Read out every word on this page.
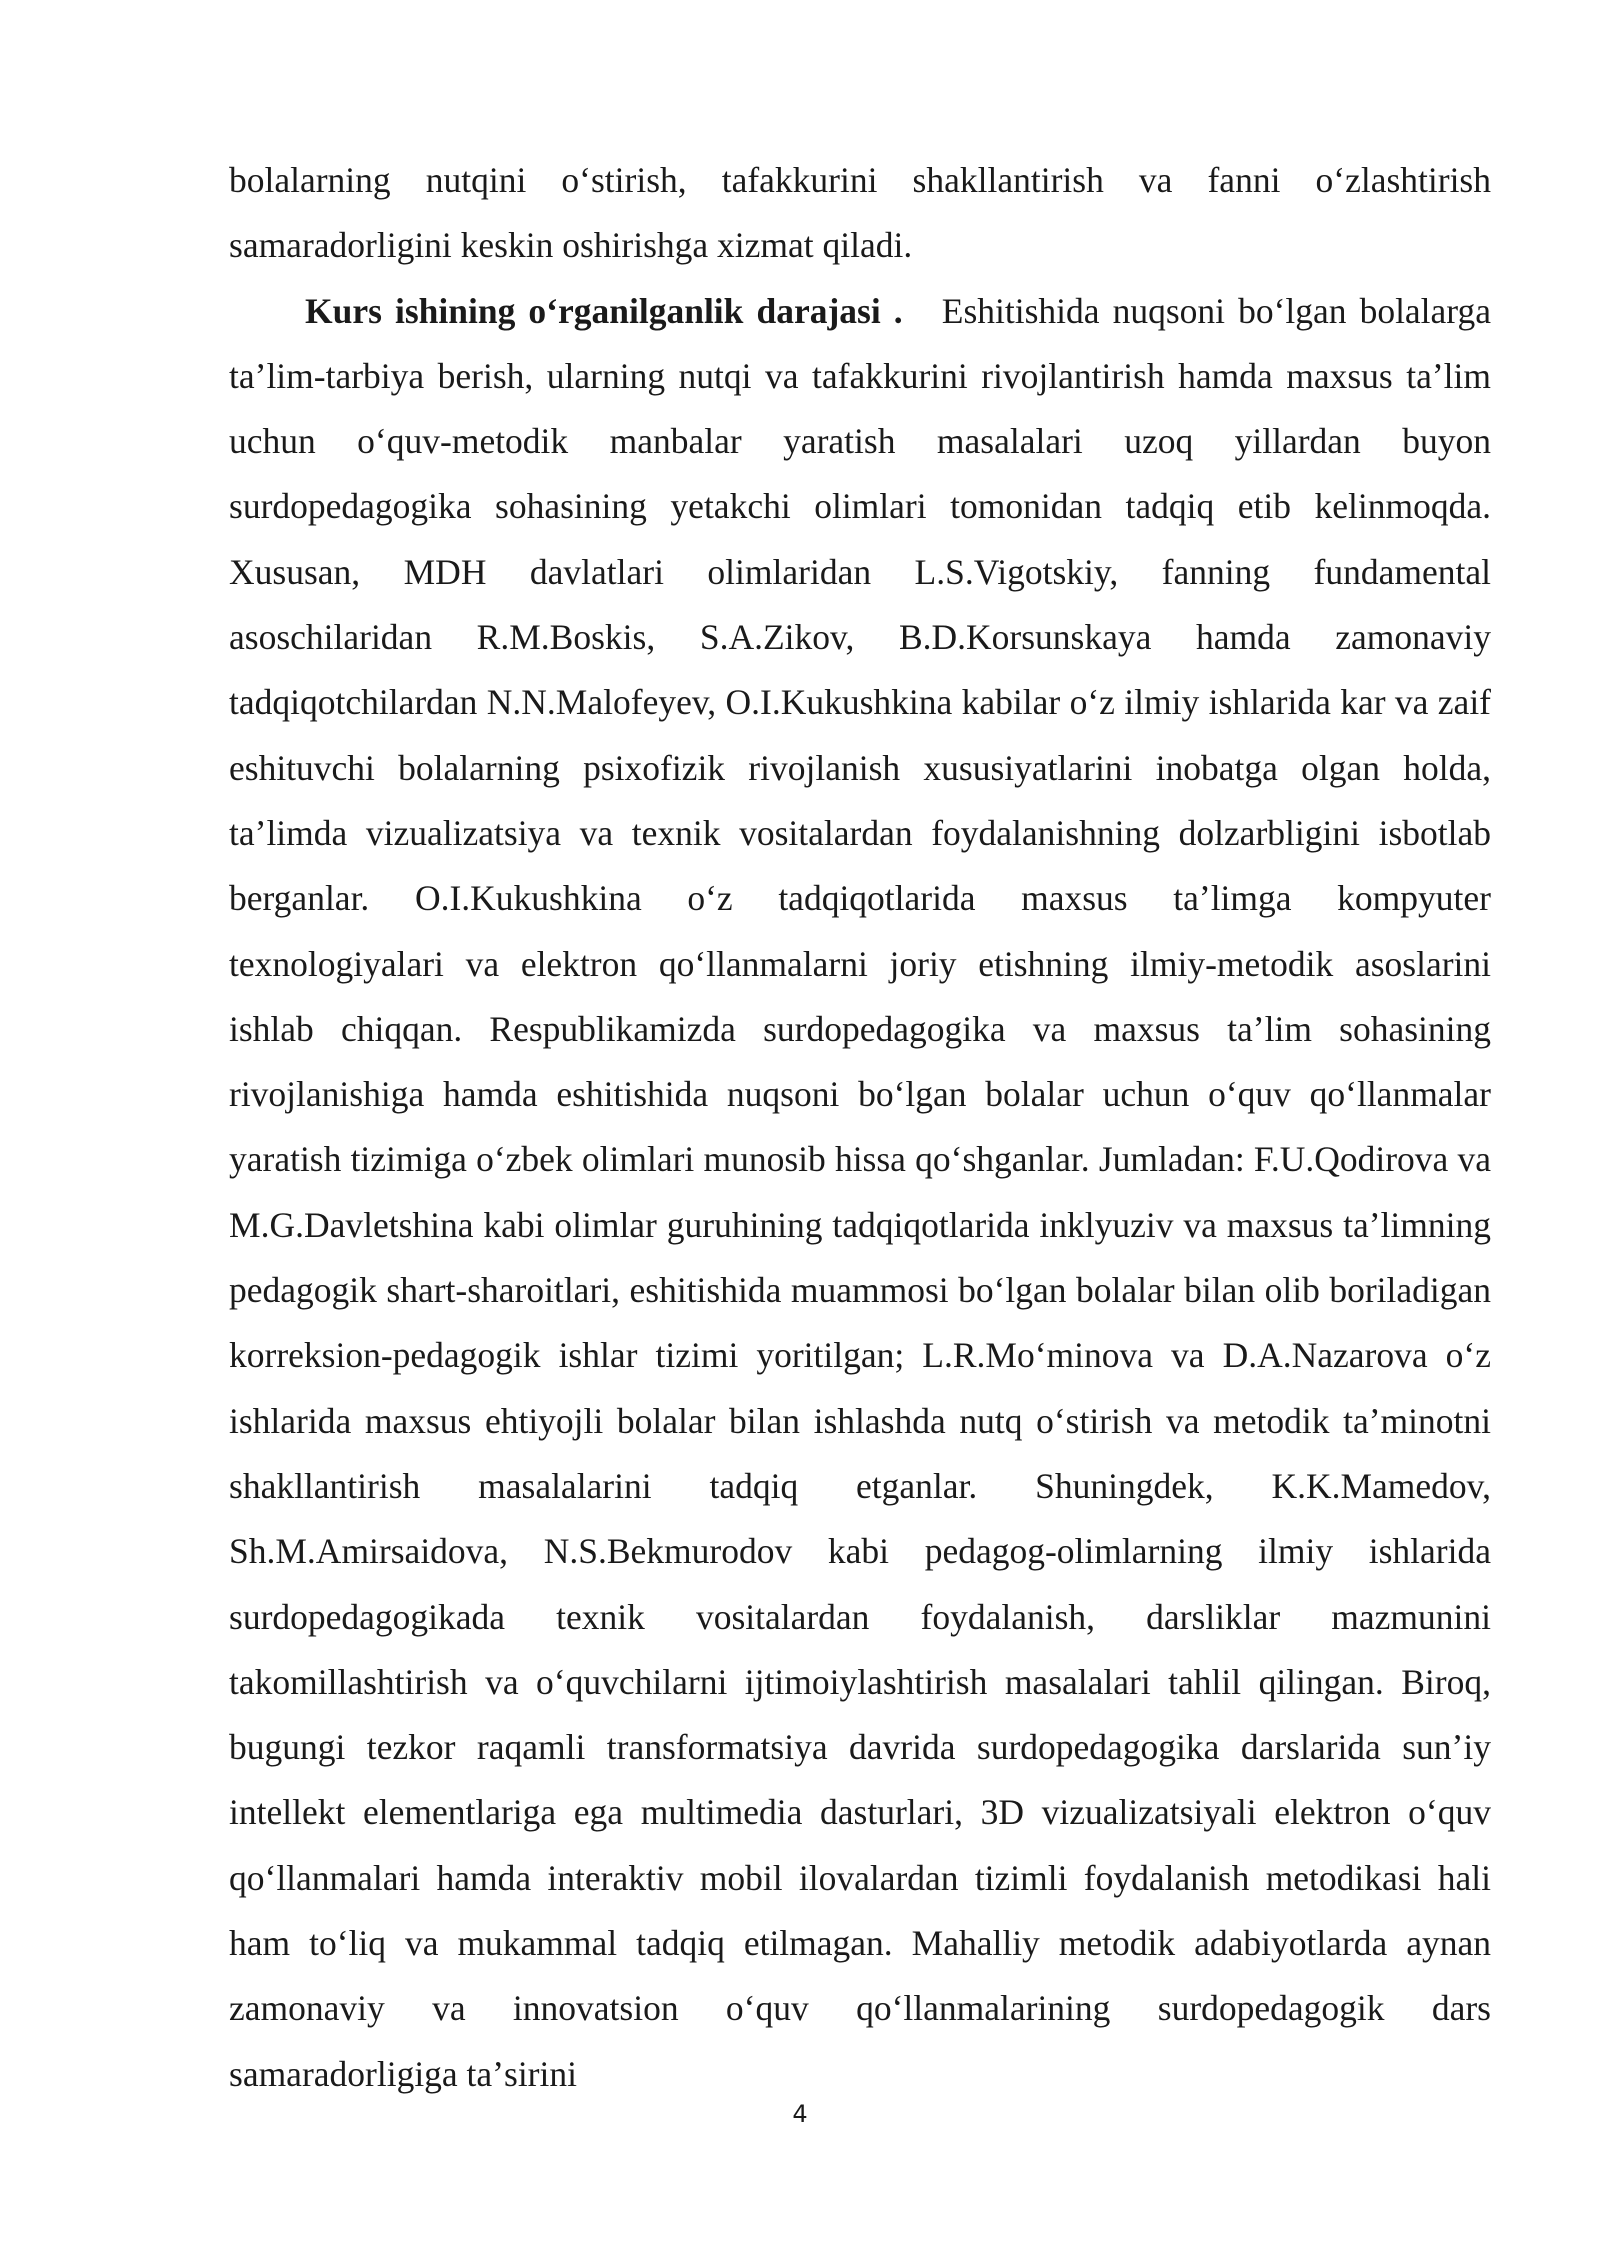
bolalarning nutqini oʻstirish, tafakkurini shakllantirish va fanni oʻzlashtirish samaradorligini keskin oshirishga xizmat qiladi.

Kurs ishining oʻrganilganlik darajasi . Eshitishida nuqsoni boʻlgan bolalarga taʼlim-tarbiya berish, ularning nutqi va tafakkurini rivojlantirish hamda maxsus taʼlim uchun oʻquv-metodik manbalar yaratish masalalari uzoq yillardan buyon surdopedagogika sohasining yetakchi olimlari tomonidan tadqiq etib kelinmoqda. Xususan, MDH davlatlari olimlaridan L.S.Vigotskiy, fanning fundamental asoschilaridan R.M.Boskis, S.A.Zikov, B.D.Korsunskaya hamda zamonaviy tadqiqotchilardan N.N.Malofeyev, O.I.Kukushkina kabilar oʻz ilmiy ishlarida kar va zaif eshituvchi bolalarning psixofizik rivojlanish xususiyatlarini inobatga olgan holda, taʼlimda vizualizatsiya va texnik vositalardan foydalanishning dolzarbligini isbotlab berganlar. O.I.Kukushkina oʻz tadqiqotlarida maxsus taʼlimga kompyuter texnologiyalari va elektron qoʻllanmalarni joriy etishning ilmiy-metodik asoslarini ishlab chiqqan. Respublikamizda surdopedagogika va maxsus taʼlim sohasining rivojlanishiga hamda eshitishida nuqsoni boʻlgan bolalar uchun oʻquv qoʻllanmalar yaratish tizimiga oʻzbek olimlari munosib hissa qoʻshganlar. Jumladan: F.U.Qodirova va M.G.Davletshina kabi olimlar guruhining tadqiqotlarida inklyuziv va maxsus taʼlimning pedagogik shart-sharoitlari, eshitishida muammosi boʻlgan bolalar bilan olib boriladigan korreksion-pedagogik ishlar tizimi yoritilgan; L.R.Moʻminova va D.A.Nazarova oʻz ishlarida maxsus ehtiyojli bolalar bilan ishlashda nutq oʻstirish va metodik taʼminotni shakllantirish masalalarini tadqiq etganlar. Shuningdek, K.K.Mamedov, Sh.M.Amirsaidova, N.S.Bekmurodov kabi pedagog-olimlarning ilmiy ishlarida surdopedagogikada texnik vositalardan foydalanish, darsliklar mazmunini takomillashtirish va oʻquvchilarni ijtimoiylashtirish masalalari tahlil qilingan. Biroq, bugungi tezkor raqamli transformatsiya davrida surdopedagogika darslarida sunʼiy intellekt elementlariga ega multimedia dasturlari, 3D vizualizatsiyali elektron oʻquv qoʻllanmalari hamda interaktiv mobil ilovalardan tizimli foydalanish metodikasi hali ham toʻliq va mukammal tadqiq etilmagan. Mahalliy metodik adabiyotlarda aynan zamonaviy va innovatsion oʻquv qoʻllanmalarining surdopedagogik dars samaradorligiga taʼsirini

4
